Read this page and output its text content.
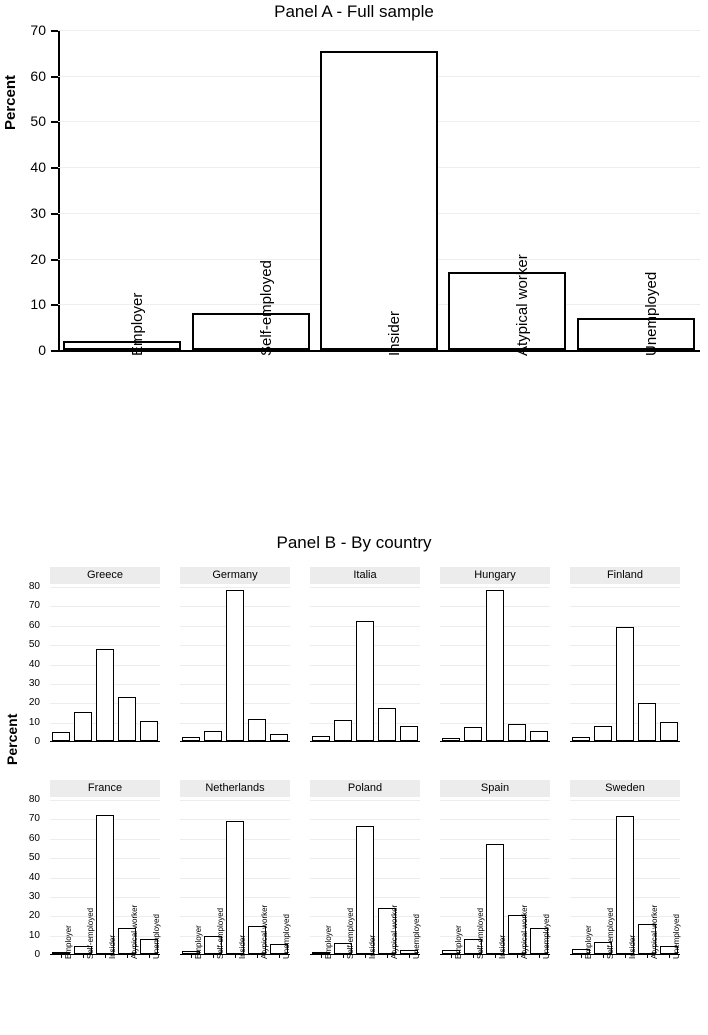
Panel A - Full sample
Percent
0
10
20
30
40
50
60
70
Employer	Self-employed	Insider	Atypical worker	Unemployed
Panel B - By country
Percent	0
10
20
30
40
50
60
70
80
0
10
20
30
40
50
60
70
80
Greece	Germany	Italia	Hungary	Finland
France	Netherlands	Poland	Spain	Sweden
Employer Self-employed Insider Atypical worker Unemployed	Employer Self-employed Insider Atypical worker Unemployed	Employer Self-employed Insider Atypical worker Unemployed	Employer Self-employed Insider Atypical worker Unemployed	Employer Self-employed Insider Atypical worker Unemployed
